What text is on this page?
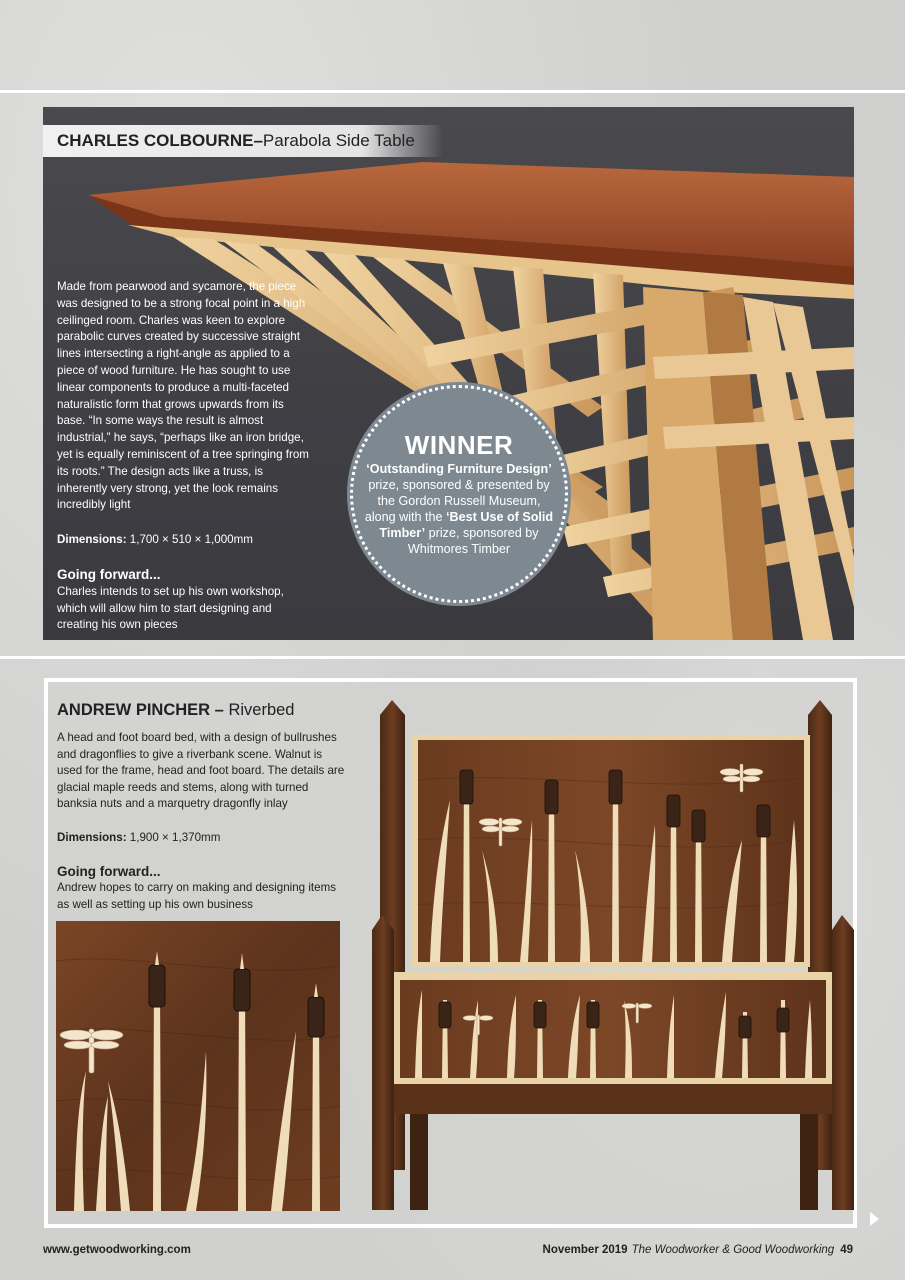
CHARLES COLBOURNE – Parabola Side Table

Made from pearwood and sycamore, the piece was designed to be a strong focal point in a high ceilinged room. Charles was keen to explore parabolic curves created by successive straight lines intersecting a right-angle as applied to a piece of wood furniture. He has sought to use linear components to produce a multi-faceted naturalistic form that grows upwards from its base. “In some ways the result is almost industrial,” he says, “perhaps like an iron bridge, yet is equally reminiscent of a tree springing from its roots.” The design acts like a truss, is inherently very strong, yet the look remains incredibly light

Dimensions: 1,700 × 510 × 1,000mm

Going forward...

Charles intends to set up his own workshop, which will allow him to start designing and creating his own pieces

WINNER
‘Outstanding Furniture Design’ prize, sponsored & presented by the Gordon Russell Museum, along with the ‘Best Use of Solid Timber’ prize, sponsored by Whitmores Timber
ANDREW PINCHER – Riverbed

A head and foot board bed, with a design of bullrushes and dragonflies to give a riverbank scene. Walnut is used for the frame, head and foot board. The details are glacial maple reeds and stems, along with turned banksia nuts and a marquetry dragonfly inlay

Dimensions: 1,900 × 1,370mm

Going forward...

Andrew hopes to carry on making and designing items as well as setting up his own business

www.getwoodworking.com	November 2019 The Woodworker & Good Woodworking 49
